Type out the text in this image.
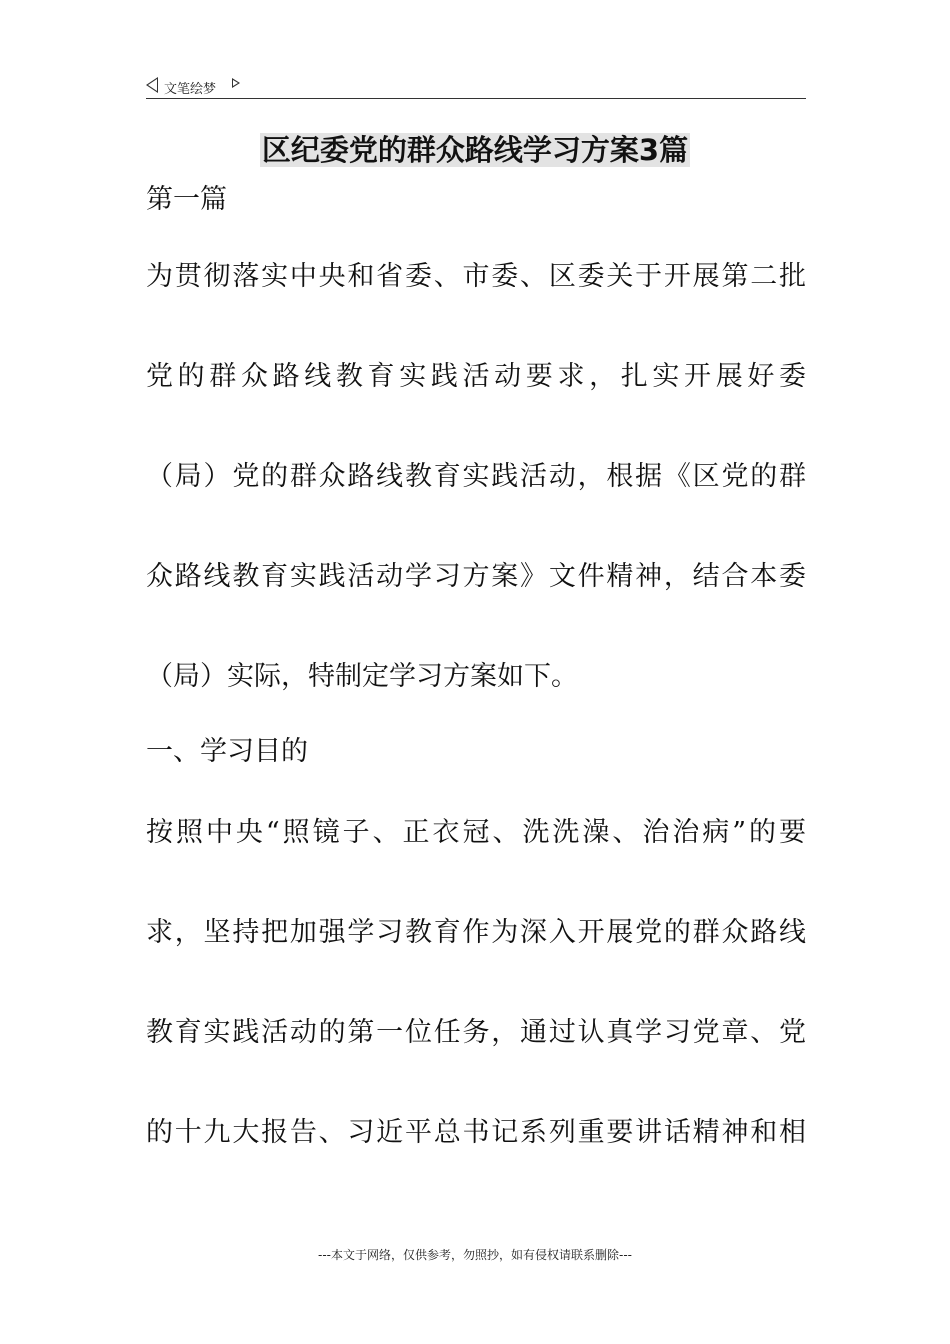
文笔绘梦
区纪委党的群众路线学习方案3篇
第一篇
为贯彻落实中央和省委、市委、区委关于开展第二批
党的群众路线教育实践活动要求，扎实开展好委
（局）党的群众路线教育实践活动，根据《区党的群
众路线教育实践活动学习方案》文件精神，结合本委
（局）实际，特制定学习方案如下。
一、学习目的
按照中央“照镜子、正衣冠、洗洗澡、治治病”的要
求，坚持把加强学习教育作为深入开展党的群众路线
教育实践活动的第一位任务，通过认真学习党章、党
的十九大报告、习近平总书记系列重要讲话精神和相
---本文于网络，仅供参考，勿照抄，如有侵权请联系删除---
